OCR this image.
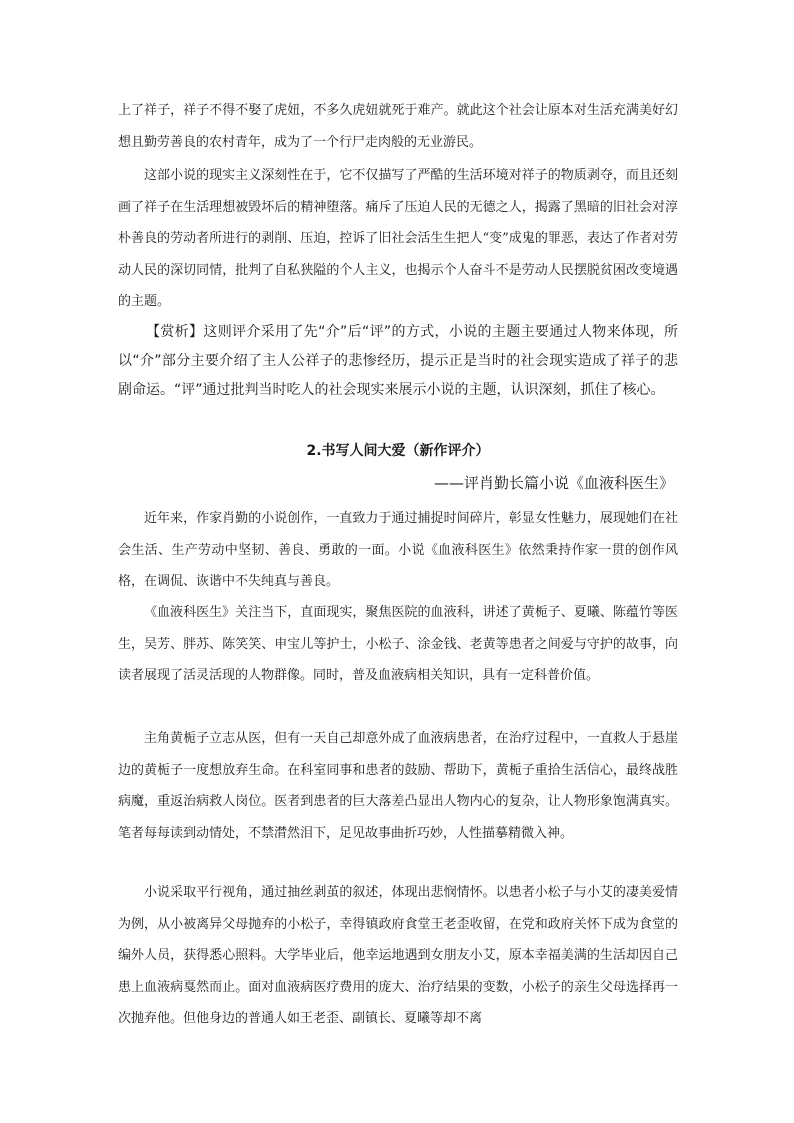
上了祥子，祥子不得不娶了虎妞，不多久虎妞就死于难产。就此这个社会让原本对生活充满美好幻想且勤劳善良的农村青年，成为了一个行尸走肉般的无业游民。

这部小说的现实主义深刻性在于，它不仅描写了严酷的生活环境对祥子的物质剥夺，而且还刻画了祥子在生活理想被毁坏后的精神堕落。痛斥了压迫人民的无德之人，揭露了黑暗的旧社会对淳朴善良的劳动者所进行的剥削、压迫，控诉了旧社会活生生把人“变”成鬼的罪恶，表达了作者对劳动人民的深切同情，批判了自私狭隘的个人主义，也揭示个人奋斗不是劳动人民摆脱贫困改变境遇的主题。

【赏析】这则评介采用了先“介”后“评”的方式，小说的主题主要通过人物来体现，所以“介”部分主要介绍了主人公祥子的悲惨经历，提示正是当时的社会现实造成了祥子的悲剧命运。“评”通过批判当时吃人的社会现实来展示小说的主题，认识深刻，抓住了核心。

2.书写人间大爱（新作评介）
——评肖勤长篇小说《血液科医生》

近年来，作家肖勤的小说创作，一直致力于通过捕捉时间碎片，彰显女性魅力，展现她们在社会生活、生产劳动中坚韧、善良、勇敢的一面。小说《血液科医生》依然秉持作家一贯的创作风格，在调侃、诙谐中不失纯真与善良。

《血液科医生》关注当下，直面现实，聚焦医院的血液科，讲述了黄栀子、夏曦、陈蕴竹等医生，吴芳、胖苏、陈笑笑、申宝儿等护士，小松子、涂金钱、老黄等患者之间爱与守护的故事，向读者展现了活灵活现的人物群像。同时，普及血液病相关知识，具有一定科普价值。

主角黄栀子立志从医，但有一天自己却意外成了血液病患者，在治疗过程中，一直救人于悬崖边的黄栀子一度想放弃生命。在科室同事和患者的鼓励、帮助下，黄栀子重拾生活信心，最终战胜病魔，重返治病救人岗位。医者到患者的巨大落差凸显出人物内心的复杂，让人物形象饱满真实。笔者每每读到动情处，不禁潸然泪下，足见故事曲折巧妙，人性描摹精微入神。

小说采取平行视角，通过抽丝剥茧的叙述，体现出悲悯情怀。以患者小松子与小艾的凄美爱情为例，从小被离异父母抛弃的小松子，幸得镇政府食堂王老歪收留，在党和政府关怀下成为食堂的编外人员，获得悉心照料。大学毕业后，他幸运地遇到女朋友小艾，原本幸福美满的生活却因自己患上血液病戛然而止。面对血液病医疗费用的庞大、治疗结果的变数，小松子的亲生父母选择再一次抛弃他。但他身边的普通人如王老歪、副镇长、夏曦等却不离
